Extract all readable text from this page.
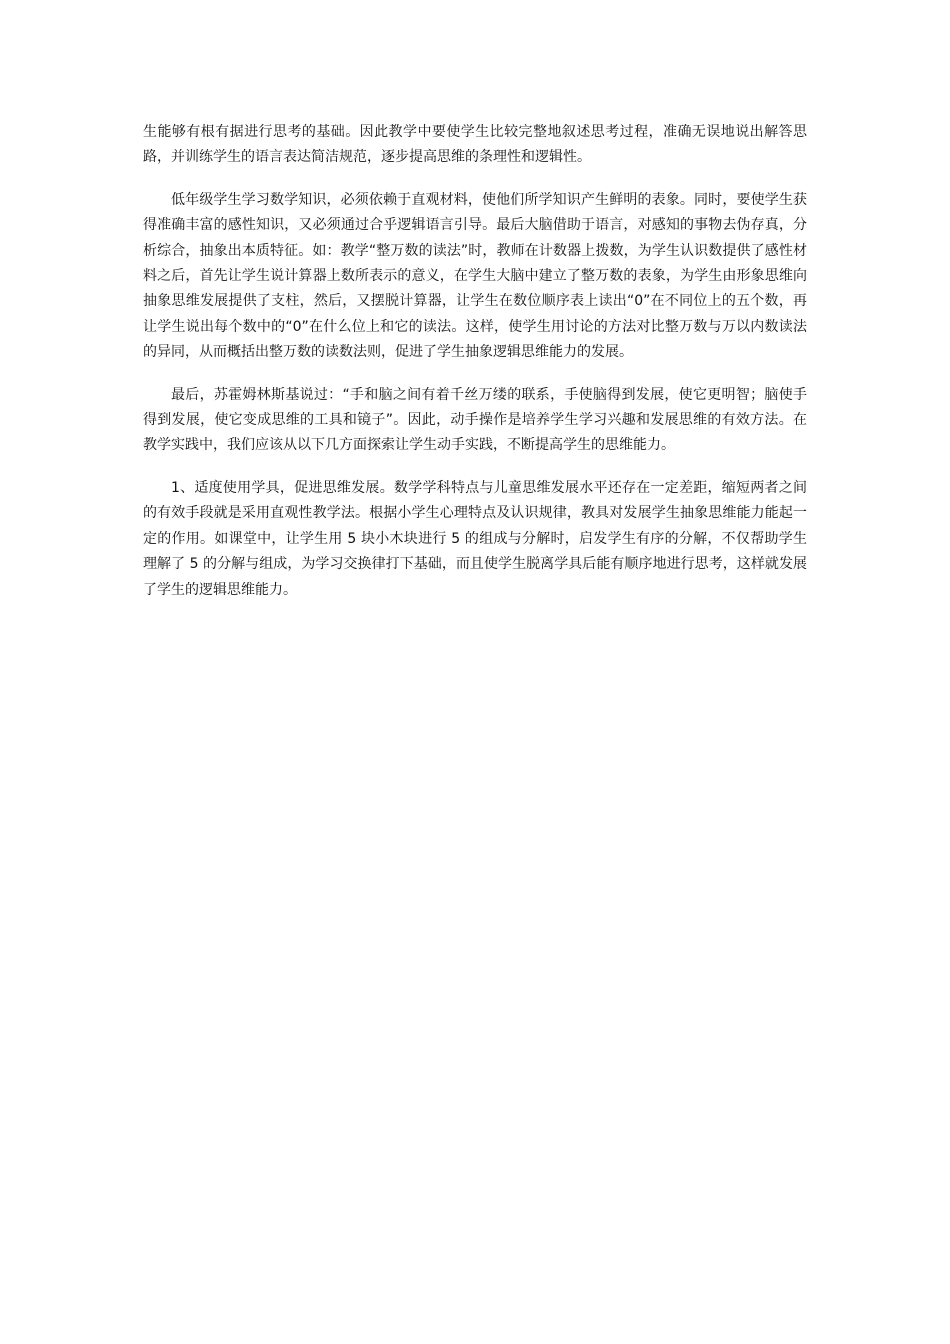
生能够有根有据进行思考的基础。因此教学中要使学生比较完整地叙述思考过程，准确无误地说出解答思路，并训练学生的语言表达简洁规范，逐步提高思维的条理性和逻辑性。

低年级学生学习数学知识，必须依赖于直观材料，使他们所学知识产生鲜明的表象。同时，要使学生获得准确丰富的感性知识，又必须通过合乎逻辑语言引导。最后大脑借助于语言，对感知的事物去伪存真，分析综合，抽象出本质特征。如：教学“整万数的读法”时，教师在计数器上拨数，为学生认识数提供了感性材料之后，首先让学生说计算器上数所表示的意义，在学生大脑中建立了整万数的表象，为学生由形象思维向抽象思维发展提供了支柱，然后，又摆脱计算器，让学生在数位顺序表上读出“0”在不同位上的五个数，再让学生说出每个数中的“0”在什么位上和它的读法。这样，使学生用讨论的方法对比整万数与万以内数读法的异同，从而概括出整万数的读数法则，促进了学生抽象逻辑思维能力的发展。

最后，苏霍姆林斯基说过：“手和脑之间有着千丝万缕的联系，手使脑得到发展，使它更明智；脑使手得到发展，使它变成思维的工具和镜子”。因此，动手操作是培养学生学习兴趣和发展思维的有效方法。在教学实践中，我们应该从以下几方面探索让学生动手实践，不断提高学生的思维能力。

1、适度使用学具，促进思维发展。数学学科特点与儿童思维发展水平还存在一定差距，缩短两者之间的有效手段就是采用直观性教学法。根据小学生心理特点及认识规律，教具对发展学生抽象思维能力能起一定的作用。如课堂中，让学生用 5 块小木块进行 5 的组成与分解时，启发学生有序的分解，不仅帮助学生理解了 5 的分解与组成，为学习交换律打下基础，而且使学生脱离学具后能有顺序地进行思考，这样就发展了学生的逻辑思维能力。
